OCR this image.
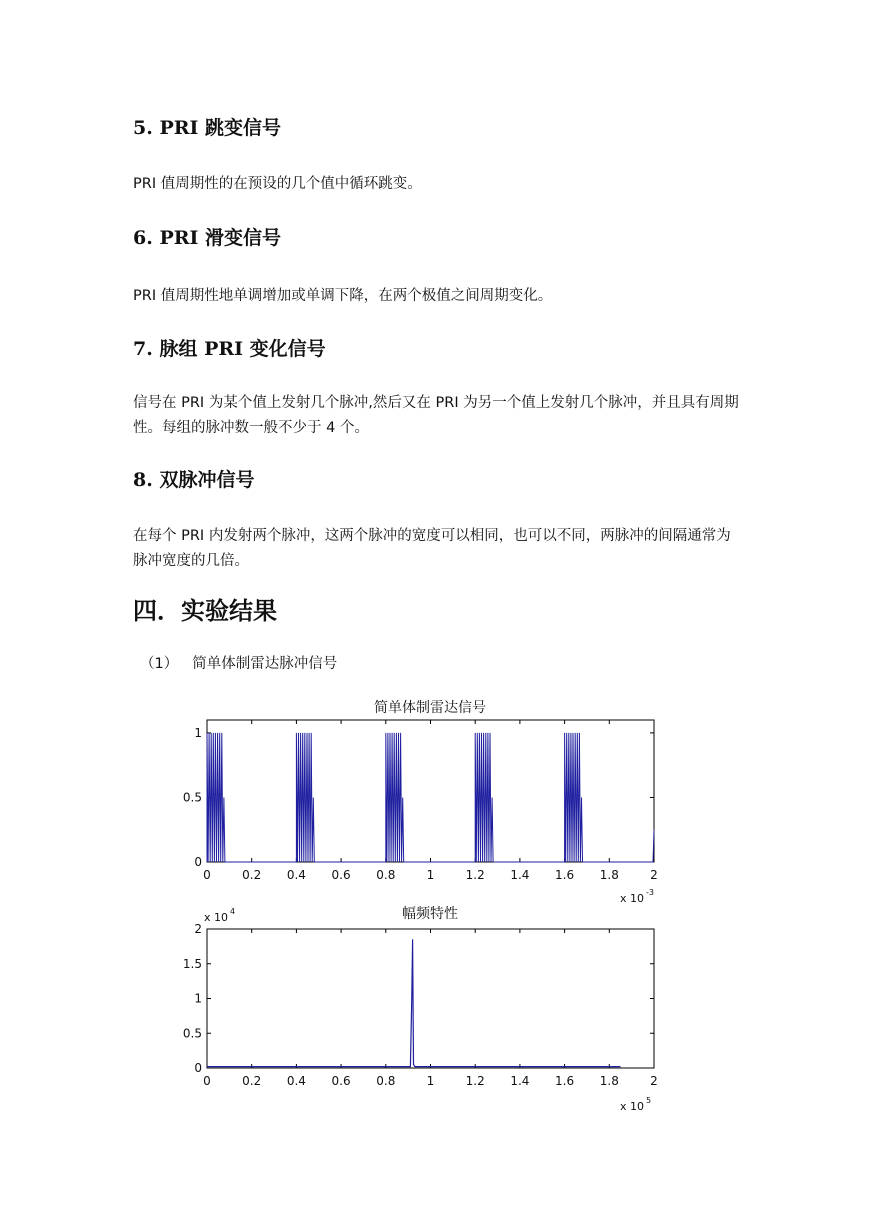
5. PRI 跳变信号

PRI 值周期性的在预设的几个值中循环跳变。

6. PRI 滑变信号

PRI 值周期性地单调增加或单调下降，在两个极值之间周期变化。

7. 脉组 PRI 变化信号

信号在 PRI 为某个值上发射几个脉冲,然后又在 PRI 为另一个值上发射几个脉冲，并且具有周期性。每组的脉冲数一般不少于 4 个。

8. 双脉冲信号

在每个 PRI 内发射两个脉冲，这两个脉冲的宽度可以相同，也可以不同，两脉冲的间隔通常为脉冲宽度的几倍。

四．实验结果
（1） 简单体制雷达脉冲信号
简单体制雷达信号
0	0.2 0.4 0.6 0.8	1	1.2 1.4 1.6 1.8	2
0
0.5
1
x 10 -3
幅频特性
x 10 4
0	0.2 0.4 0.6 0.8	1	1.2 1.4 1.6 1.8	2
0
0.5
1
1.5
2
x 10 5
